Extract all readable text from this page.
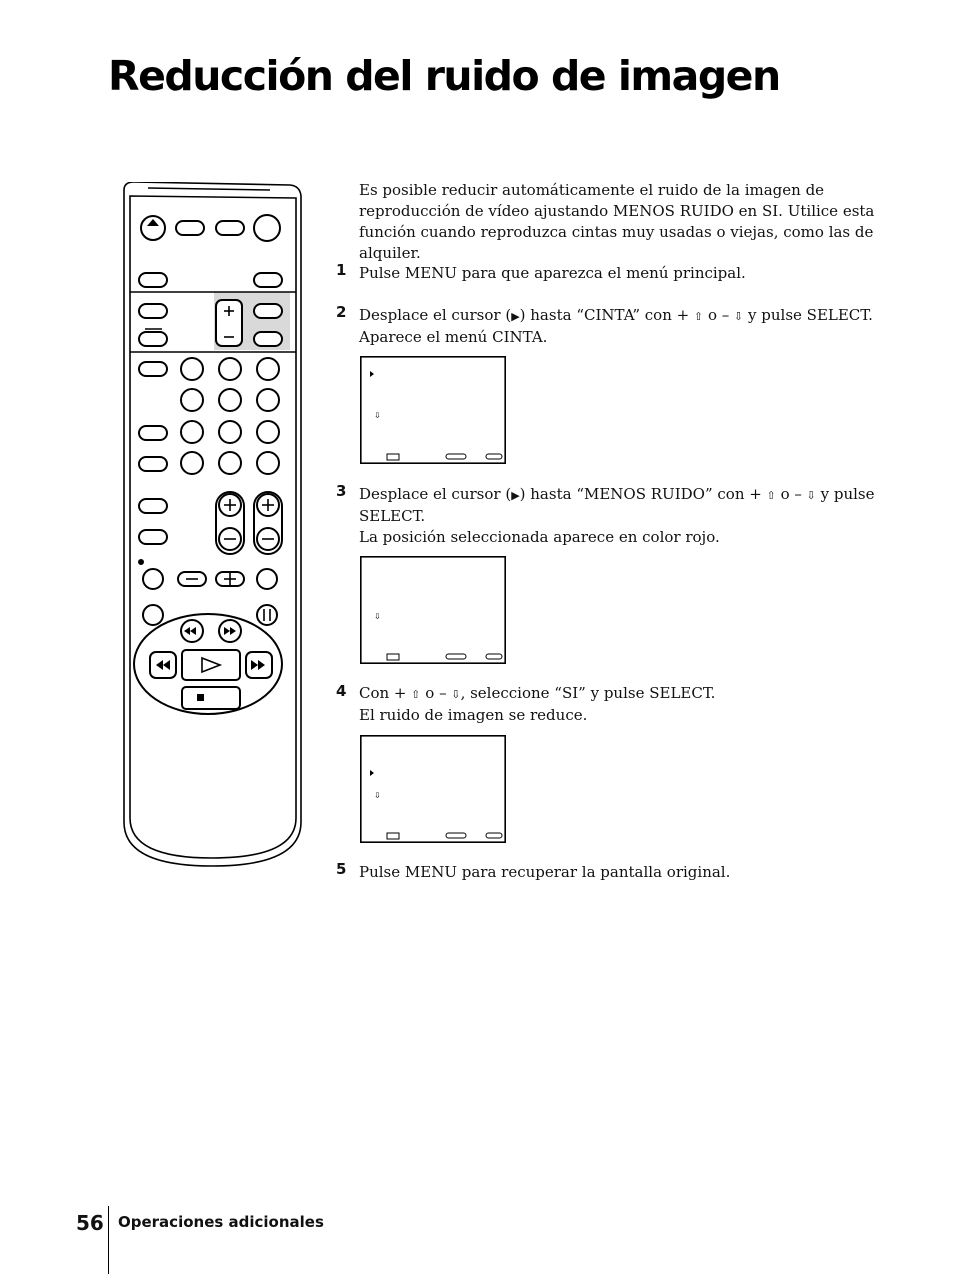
Reducción del ruido de imagen
Es posible reducir automáticamente el ruido de la imagen de reproducción de vídeo ajustando MENOS RUIDO en SI. Utilice esta función cuando reproduzca cintas muy usadas o viejas, como las de alquiler.
1 Pulse MENU para que aparezca el menú principal.
2 Desplace el cursor (▶) hasta “CINTA” con + ⇧ o – ⇩ y pulse SELECT.
Aparece el menú CINTA.
⇩
3 Desplace el cursor (▶) hasta “MENOS RUIDO” con + ⇧ o – ⇩ y pulse
SELECT.
La posición seleccionada aparece en color rojo.
⇩
4 Con + ⇧ o – ⇩, seleccione “SI” y pulse SELECT.
El ruido de imagen se reduce.
⇩
5 Pulse MENU para recuperar la pantalla original.
56 Operaciones adicionales
